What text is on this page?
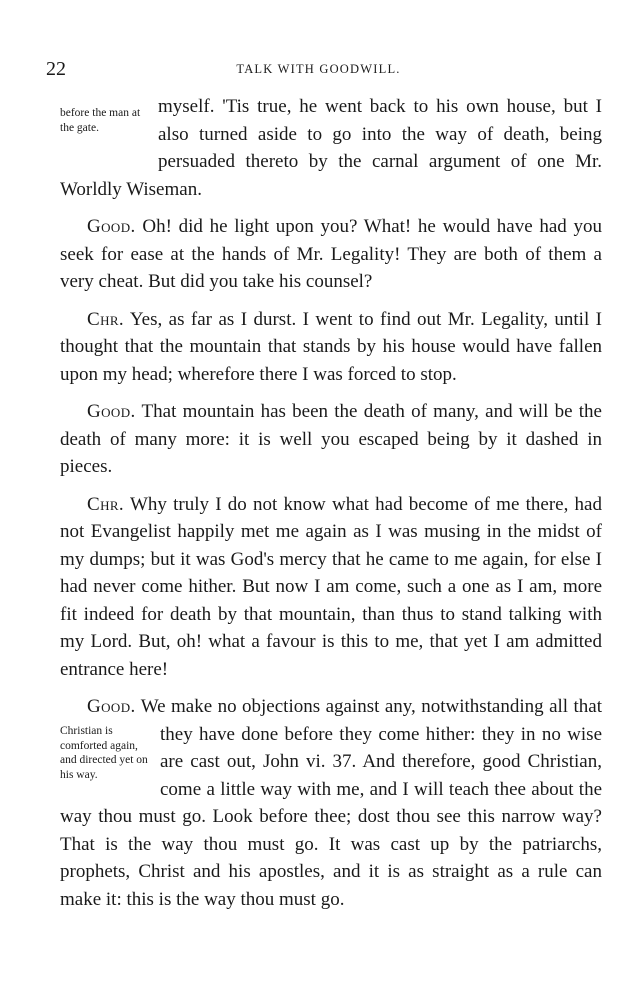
22	TALK WITH GOODWILL.
before the man at the gate.
Christian is comforted again, and directed yet on his way.

myself. 'Tis true, he went back to his own house, but I also turned aside to go into the way of death, being persuaded thereto by the carnal argument of one Mr. Worldly Wiseman.

Good. Oh! did he light upon you? What! he would have had you seek for ease at the hands of Mr. Legality! They are both of them a very cheat. But did you take his counsel?

Chr. Yes, as far as I durst. I went to find out Mr. Legality, until I thought that the mountain that stands by his house would have fallen upon my head; wherefore there I was forced to stop.

Good. That mountain has been the death of many, and will be the death of many more: it is well you escaped being by it dashed in pieces.

Chr. Why truly I do not know what had become of me there, had not Evangelist happily met me again as I was musing in the midst of my dumps; but it was God's mercy that he came to me again, for else I had never come hither. But now I am come, such a one as I am, more fit indeed for death by that mountain, than thus to stand talking with my Lord. But, oh! what a favour is this to me, that yet I am admitted entrance here!

Good. We make no objections against any, notwithstanding all that they have done before they come hither: they in no
wise are cast out, John vi. 37. And therefore, good Christian, come a little way with me, and I will teach thee about the way thou must go. Look before thee; dost thou see this narrow way? That is the way thou must go. It was cast up by the patriarchs, prophets, Christ and his apostles, and it is as straight as a rule can make it: this is the way thou must go.
